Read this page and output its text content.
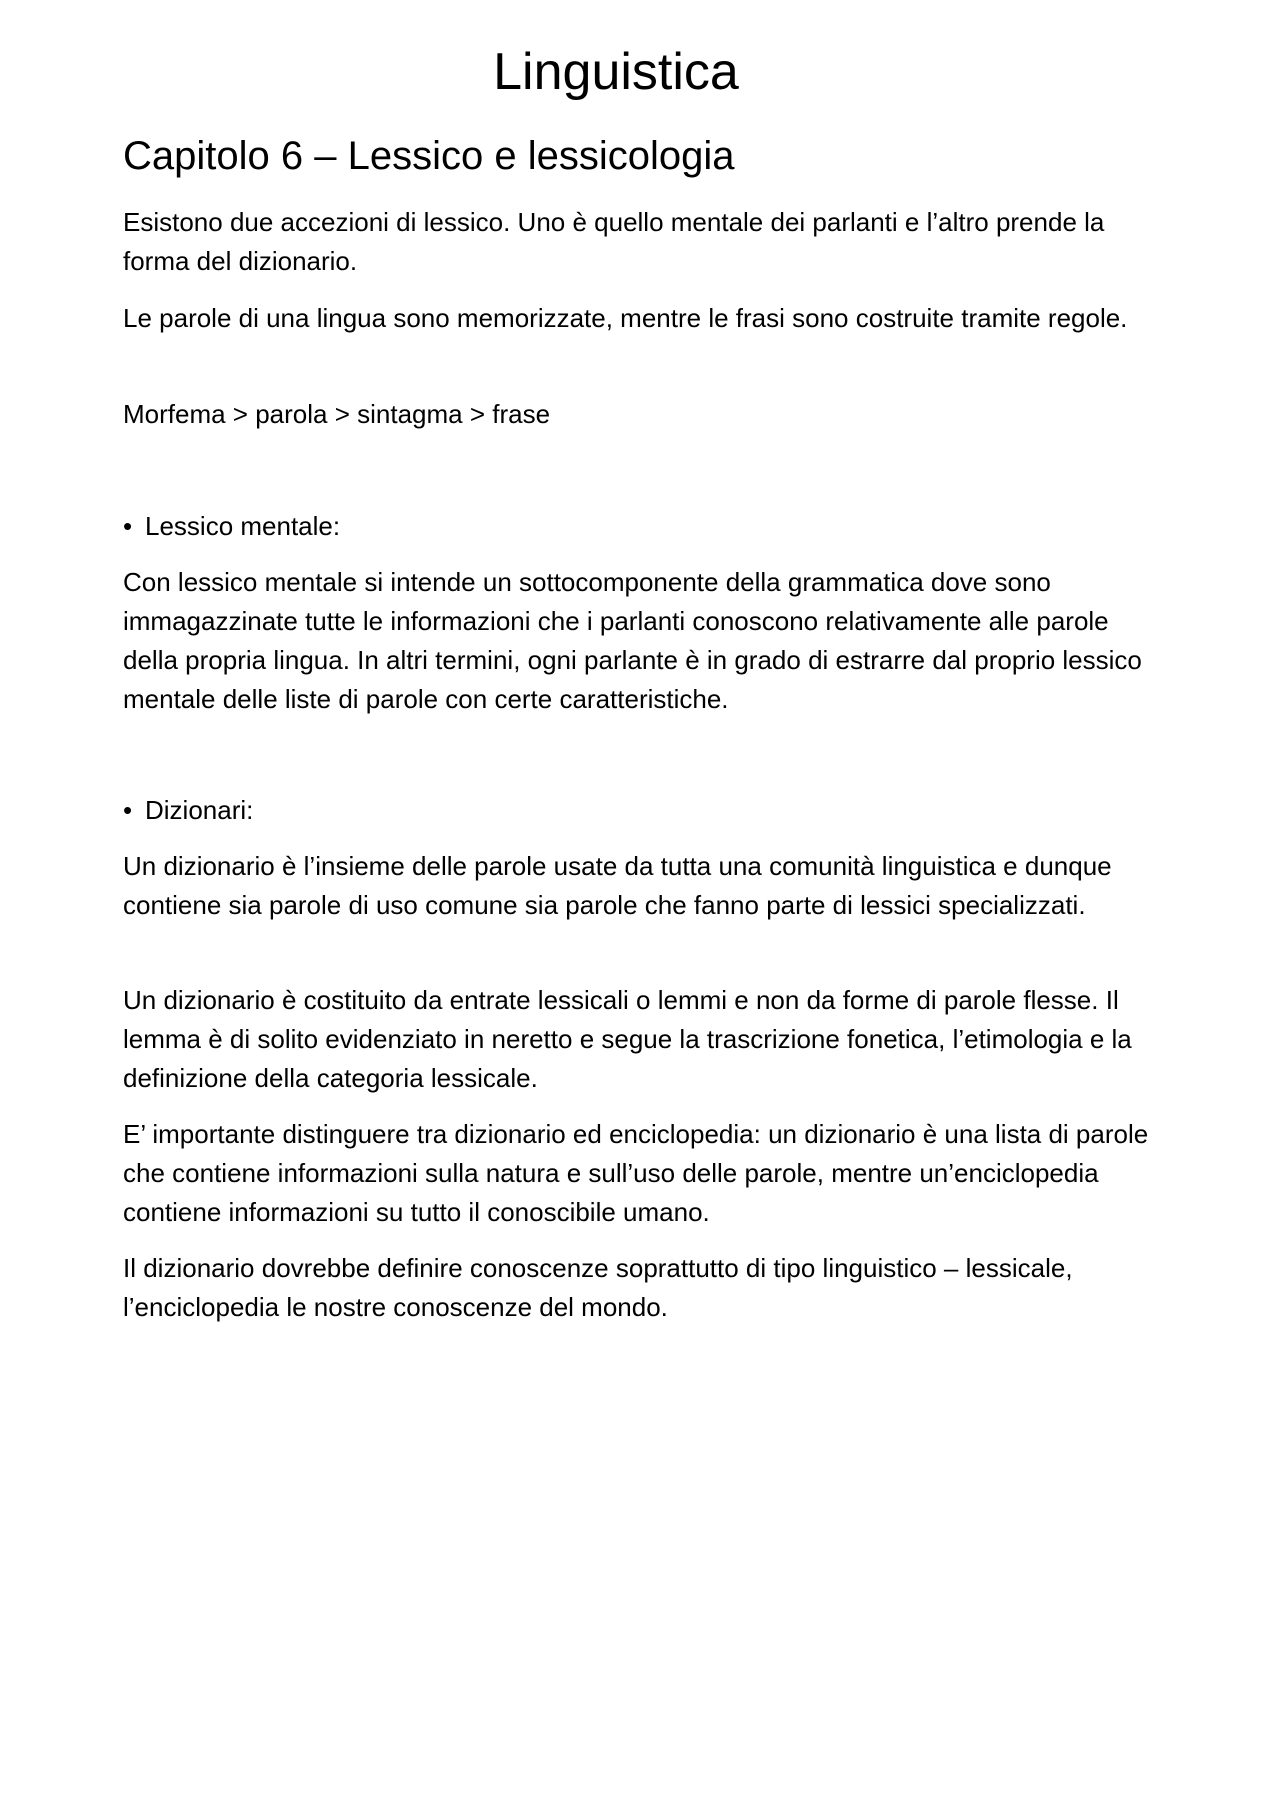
Linguistica
Capitolo 6 – Lessico e lessicologia

Esistono due accezioni di lessico. Uno è quello mentale dei parlanti e l’altro prende la forma del dizionario.

Le parole di una lingua sono memorizzate, mentre le frasi sono costruite tramite regole.

Morfema > parola > sintagma > frase

• Lessico mentale:

Con lessico mentale si intende un sottocomponente della grammatica dove sono immagazzinate tutte le informazioni che i parlanti conoscono relativamente alle parole della propria lingua. In altri termini, ogni parlante è in grado di estrarre dal proprio lessico mentale delle liste di parole con certe caratteristiche.

• Dizionari:

Un dizionario è l’insieme delle parole usate da tutta una comunità linguistica e dunque contiene sia parole di uso comune sia parole che fanno parte di lessici specializzati.

Un dizionario è costituito da entrate lessicali o lemmi e non da forme di parole flesse. Il lemma è di solito evidenziato in neretto e segue la trascrizione fonetica, l’etimologia e la definizione della categoria lessicale.

E’ importante distinguere tra dizionario ed enciclopedia: un dizionario è una lista di parole che contiene informazioni sulla natura e sull’uso delle parole, mentre un’enciclopedia contiene informazioni su tutto il conoscibile umano.

Il dizionario dovrebbe definire conoscenze soprattutto di tipo linguistico – lessicale, l’enciclopedia le nostre conoscenze del mondo.
